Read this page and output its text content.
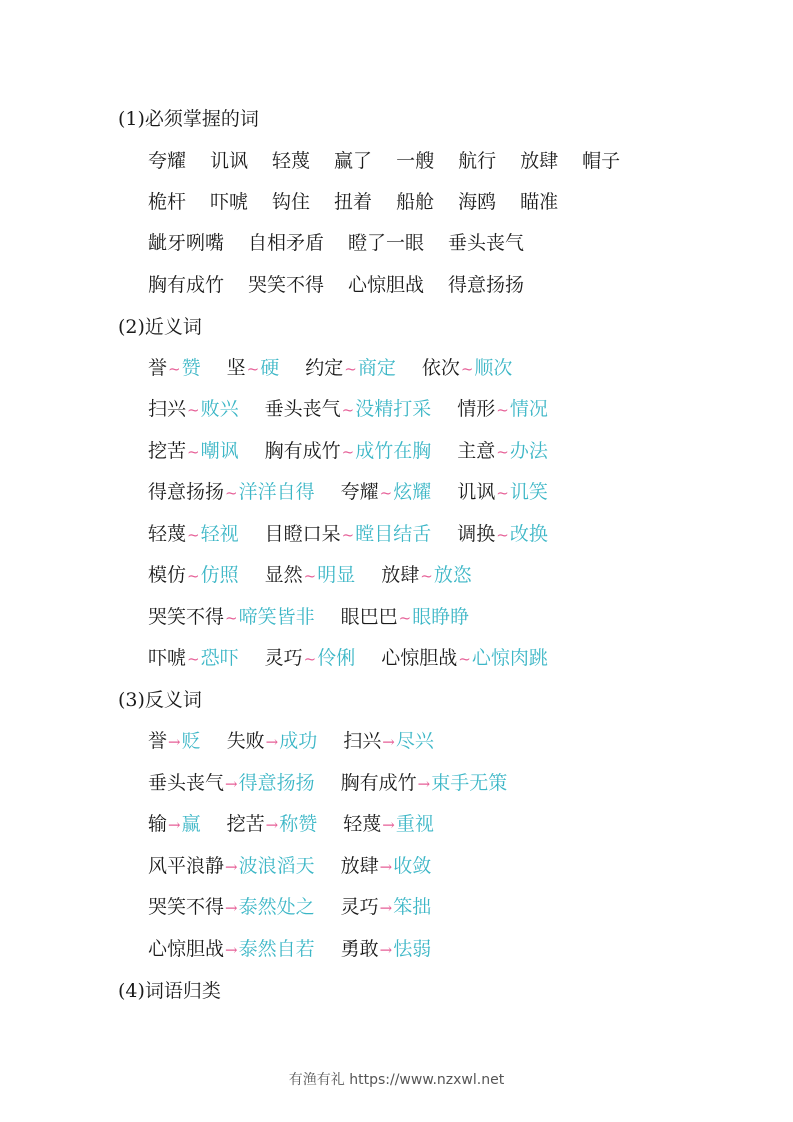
(1)必须掌握的词
夸耀 讥讽 轻蔑 赢了 一艘 航行 放肆 帽子
桅杆 吓唬 钩住 扭着 船舱 海鸥 瞄准
龇牙咧嘴 自相矛盾 瞪了一眼 垂头丧气
胸有成竹 哭笑不得 心惊胆战 得意扬扬
(2)近义词
誉~赞 坚~硬 约定~商定 依次~顺次
扫兴~败兴 垂头丧气~没精打采 情形~情况
挖苦~嘲讽 胸有成竹~成竹在胸 主意~办法
得意扬扬~洋洋自得 夸耀~炫耀 讥讽~讥笑
轻蔑~轻视 目瞪口呆~瞠目结舌 调换~改换
模仿~仿照 显然~明显 放肆~放恣
哭笑不得~啼笑皆非 眼巴巴~眼睁睁
吓唬~恐吓 灵巧~伶俐 心惊胆战~心惊肉跳
(3)反义词
誉→贬 失败→成功 扫兴→尽兴
垂头丧气→得意扬扬 胸有成竹→束手无策
输→赢 挖苦→称赞 轻蔑→重视
风平浪静→波浪滔天 放肆→收敛
哭笑不得→泰然处之 灵巧→笨拙
心惊胆战→泰然自若 勇敢→怯弱
(4)词语归类
有渔有礼 https://www.nzxwl.net
